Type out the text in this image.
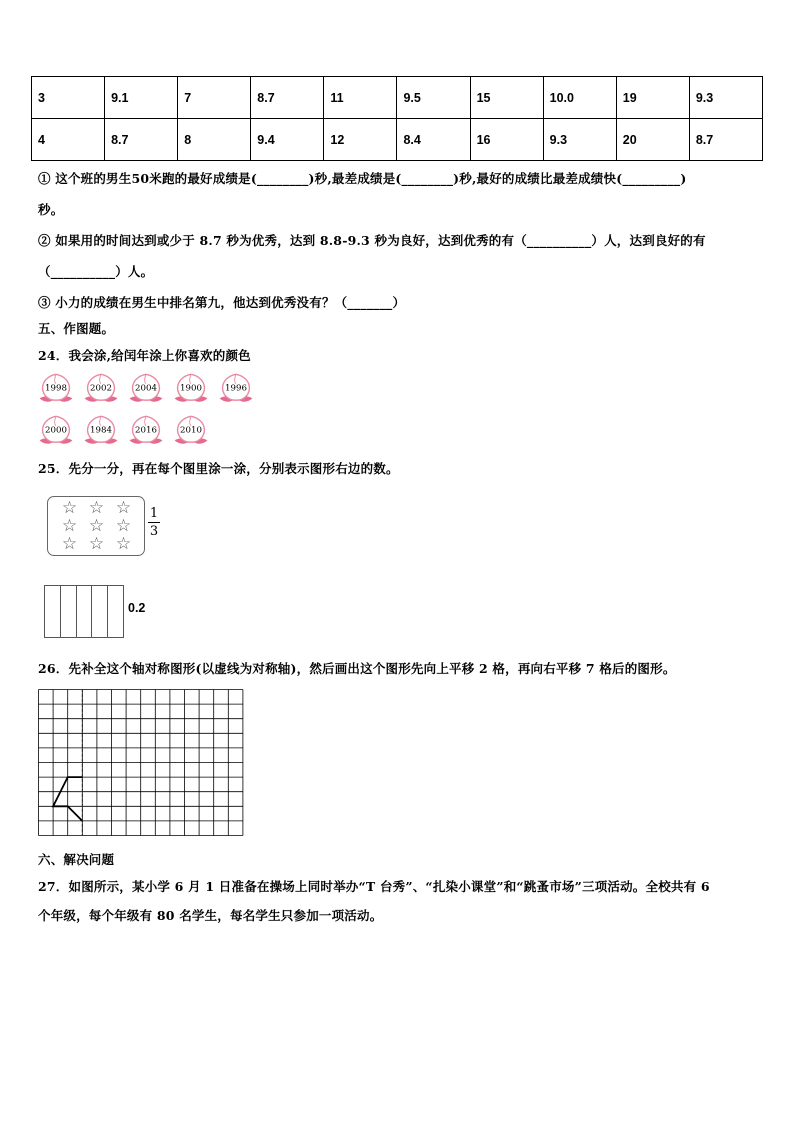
3	9.1	7	8.7	11	9.5	15	10.0	19	9.3
4	8.7	8	9.4	12	8.4	16	9.3	20	8.7
① 这个班的男生50米跑的最好成绩是(________)秒,最差成绩是(________)秒,最好的成绩比最差成绩快(_________)
秒。
② 如果用的时间达到或少于 8.7 秒为优秀，达到 8.8-9.3 秒为良好，达到优秀的有（__________）人，达到良好的有
（__________）人。
③ 小力的成绩在男生中排名第九，他达到优秀没有？（_______）
五、作图题。
24．我会涂,给闰年涂上你喜欢的颜色
1998 2002 2004 1900 1996
2000 1984 2016 2010
25．先分一分，再在每个图里涂一涂，分别表示图形右边的数。
☆ ☆ ☆
☆ ☆ ☆
☆ ☆ ☆
1
3
0.2
26．先补全这个轴对称图形(以虚线为对称轴)，然后画出这个图形先向上平移 2 格，再向右平移 7 格后的图形。
六、解决问题
27．如图所示，某小学 6 月 1 日准备在操场上同时举办“T 台秀”、“扎染小课堂”和“跳蚤市场”三项活动。全校共有 6
个年级，每个年级有 80 名学生，每名学生只参加一项活动。
